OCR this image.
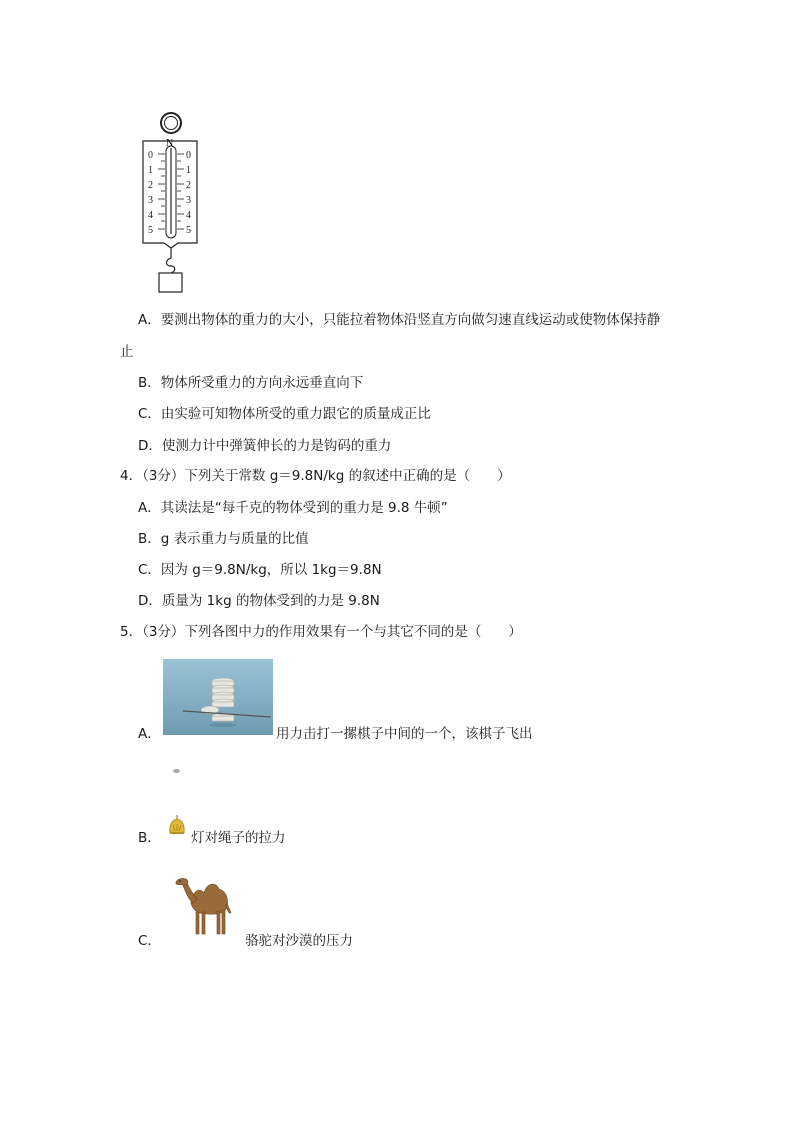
N
0
1
2
3
4
5
0
1
2
3
4
5
A．要测出物体的重力的大小，只能拉着物体沿竖直方向做匀速直线运动或使物体保持静
止
B．物体所受重力的方向永远垂直向下
C．由实验可知物体所受的重力跟它的质量成正比
D．使测力计中弹簧伸长的力是钩码的重力
4．（3分）下列关于常数 g＝9.8N/kg 的叙述中正确的是（　　）
A．其读法是“每千克的物体受到的重力是 9.8 牛顿”
B．g 表示重力与质量的比值
C．因为 g＝9.8N/kg，所以 1kg＝9.8N
D．质量为 1kg 的物体受到的力是 9.8N
5．（3分）下列各图中力的作用效果有一个与其它不同的是（　　）
A．	用力击打一摞棋子中间的一个，该棋子飞出
B． 灯对绳子的拉力
C．	骆驼对沙漠的压力
